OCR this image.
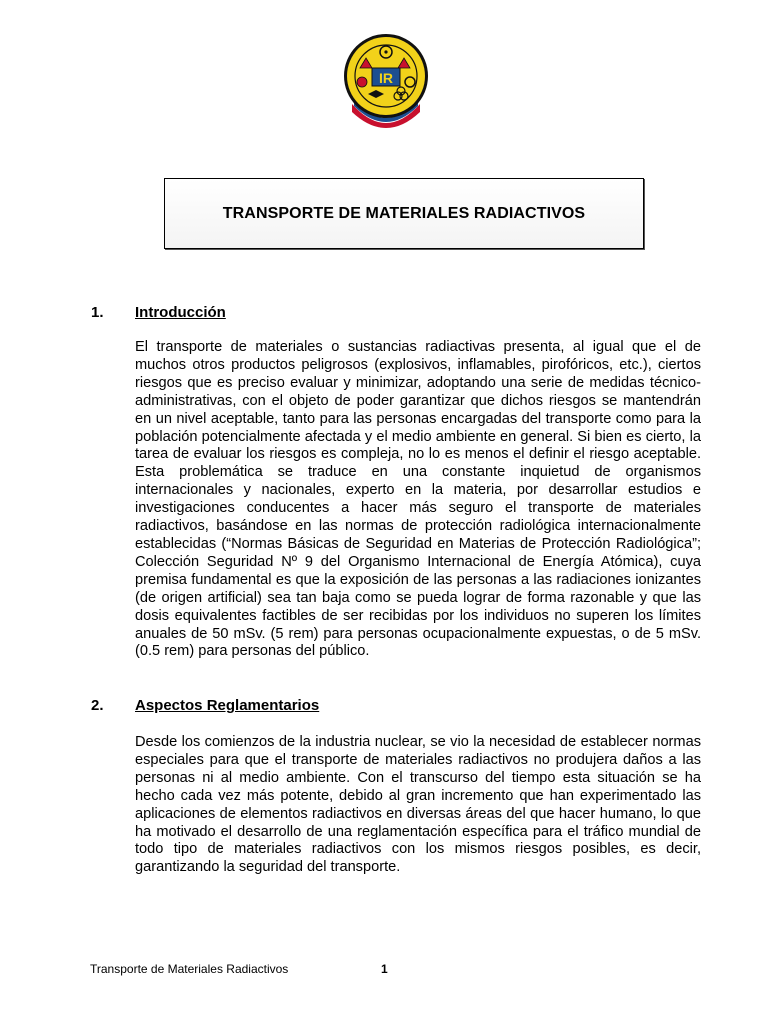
IR
TRANSPORTE DE MATERIALES RADIACTIVOS
1. Introducción
El transporte de materiales o sustancias radiactivas presenta, al igual que el de muchos otros productos peligrosos (explosivos, inflamables, pirofóricos, etc.), ciertos riesgos que es preciso evaluar y minimizar, adoptando una serie de medidas técnico-administrativas, con el objeto de poder garantizar que dichos riesgos se mantendrán en un nivel aceptable, tanto para las personas encargadas del transporte como para la población potencialmente afectada y el medio ambiente en general. Si bien es cierto, la tarea de evaluar los riesgos es compleja, no lo es menos el definir el riesgo aceptable. Esta problemática se traduce en una constante inquietud de organismos internacionales y nacionales, experto en la materia, por desarrollar estudios e investigaciones conducentes a hacer más seguro el transporte de materiales radiactivos, basándose en las normas de protección radiológica internacionalmente establecidas (“Normas Básicas de Seguridad en Materias de Protección Radiológica”; Colección Seguridad Nº 9 del Organismo Internacional de Energía Atómica), cuya premisa fundamental es que la exposición de las personas a las radiaciones ionizantes (de origen artificial) sea tan baja como se pueda lograr de forma razonable y que las dosis equivalentes factibles de ser recibidas por los individuos no superen los límites anuales de 50 mSv. (5 rem) para personas ocupacionalmente expuestas, o de 5 mSv. (0.5 rem) para personas del público.
2. Aspectos Reglamentarios
Desde los comienzos de la industria nuclear, se vio la necesidad de establecer normas especiales para que el transporte de materiales radiactivos no produjera daños a las personas ni al medio ambiente. Con el transcurso del tiempo esta situación se ha hecho cada vez más potente, debido al gran incremento que han experimentado las aplicaciones de elementos radiactivos en diversas áreas del que hacer humano, lo que ha motivado el desarrollo de una reglamentación específica para el tráfico mundial de todo tipo de materiales radiactivos con los mismos riesgos posibles, es decir, garantizando la seguridad del transporte.
Transporte de Materiales Radiactivos	1
